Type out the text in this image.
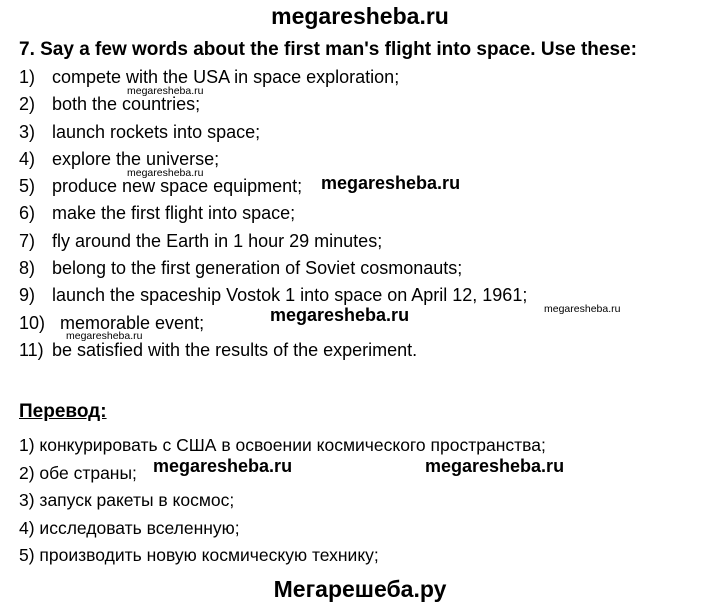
megaresheba.ru
7. Say a few words about the first man's flight into space. Use these:
1) compete with the USA in space exploration;
2) both the countries;
3) launch rockets into space;
4) explore the universe;
5) produce new space equipment;
6) make the first flight into space;
7) fly around the Earth in 1 hour 29 minutes;
8) belong to the first generation of Soviet cosmonauts;
9) launch the spaceship Vostok 1 into space on April 12, 1961;
10) memorable event;
11) be satisfied with the results of the experiment.
Перевод:
1) конкурировать с США в освоении космического пространства;
2) обе страны;
3) запуск ракеты в космос;
4) исследовать вселенную;
5) производить новую космическую технику;
megaresheba.ru
megaresheba.ru
megaresheba.ru
megaresheba.ru
megaresheba.ru
megaresheba.ru
megaresheba.ru	megaresheba.ru
Мегарешеба.ру
